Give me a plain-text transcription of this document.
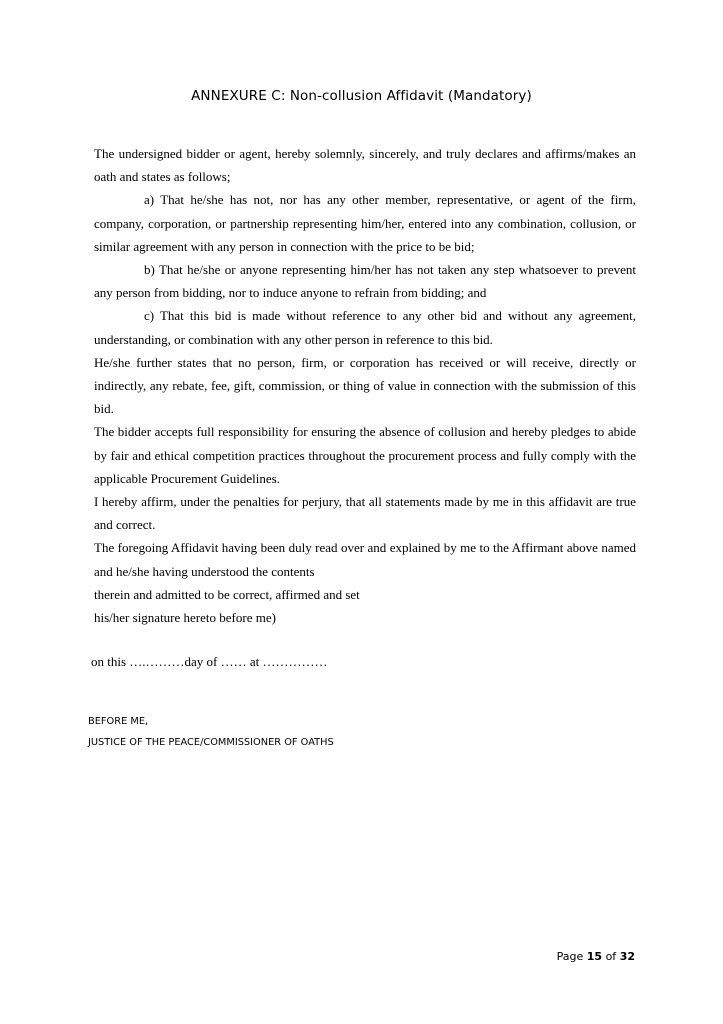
ANNEXURE C: Non-collusion Affidavit (Mandatory)

The undersigned bidder or agent, hereby solemnly, sincerely, and truly declares and affirms/makes an oath and states as follows;

a) That he/she has not, nor has any other member, representative, or agent of the firm, company, corporation, or partnership representing him/her, entered into any combination, collusion, or similar agreement with any person in connection with the price to be bid;

b) That he/she or anyone representing him/her has not taken any step whatsoever to prevent any person from bidding, nor to induce anyone to refrain from bidding; and

c) That this bid is made without reference to any other bid and without any agreement, understanding, or combination with any other person in reference to this bid.

He/she further states that no person, firm, or corporation has received or will receive, directly or indirectly, any rebate, fee, gift, commission, or thing of value in connection with the submission of this bid.

The bidder accepts full responsibility for ensuring the absence of collusion and hereby pledges to abide by fair and ethical competition practices throughout the procurement process and fully comply with the applicable Procurement Guidelines.

I hereby affirm, under the penalties for perjury, that all statements made by me in this affidavit are true and correct.

The foregoing Affidavit having been duly read over and explained by me to the Affirmant above named and he/she having understood the contents

therein and admitted to be correct, affirmed and set

his/her signature hereto before me)

on this ….………day of …… at ……………
BEFORE ME,
JUSTICE OF THE PEACE/COMMISSIONER OF OATHS
Page 15 of 32
